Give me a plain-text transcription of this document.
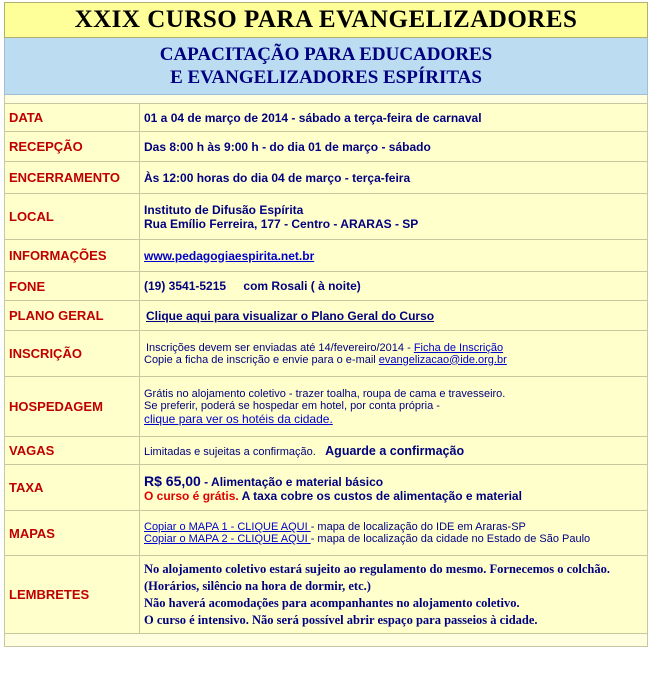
XXIX CURSO PARA EVANGELIZADORES
CAPACITAÇÃO PARA EDUCADORES
E EVANGELIZADORES ESPÍRITAS
DATA	01 a 04 de março de 2014 - sábado a terça-feira de carnaval
RECEPÇÃO	Das 8:00 h às 9:00 h - do dia 01 de março - sábado
ENCERRAMENTO	Às 12:00 horas do dia 04 de março - terça-feira
LOCAL	Instituto de Difusão Espírita
Rua Emílio Ferreira, 177 - Centro - ARARAS - SP

INFORMAÇÕES	www.pedagogiaespirita.net.br
FONE	(19) 3541-5215 com Rosali ( à noite)
PLANO GERAL	Clique aqui para visualizar o Plano Geral do Curso
INSCRIÇÃO	Inscrições devem ser enviadas até 14/fevereiro/2014 - Ficha de Inscrição
Copie a ficha de inscrição e envie para o e-mail evangelizacao@ide.org.br

HOSPEDAGEM	Grátis no alojamento coletivo - trazer toalha, roupa de cama e travesseiro.
Se preferir, poderá se hospedar em hotel, por conta própria -
clique para ver os hotéis da cidade.

VAGAS	Limitadas e sujeitas a confirmação. Aguarde a confirmação
TAXA	R$ 65,00 - Alimentação e material básico
O curso é grátis. A taxa cobre os custos de alimentação e material

MAPAS	Copiar o MAPA 1 - CLIQUE AQUI - mapa de localização do IDE em Araras-SP
Copiar o MAPA 2 - CLIQUE AQUI - mapa de localização da cidade no Estado de São Paulo

LEMBRETES	No alojamento coletivo estará sujeito ao regulamento do mesmo. Fornecemos o colchão.
(Horários, silêncio na hora de dormir, etc.)
Não haverá acomodações para acompanhantes no alojamento coletivo.
O curso é intensivo. Não será possível abrir espaço para passeios à cidade.
